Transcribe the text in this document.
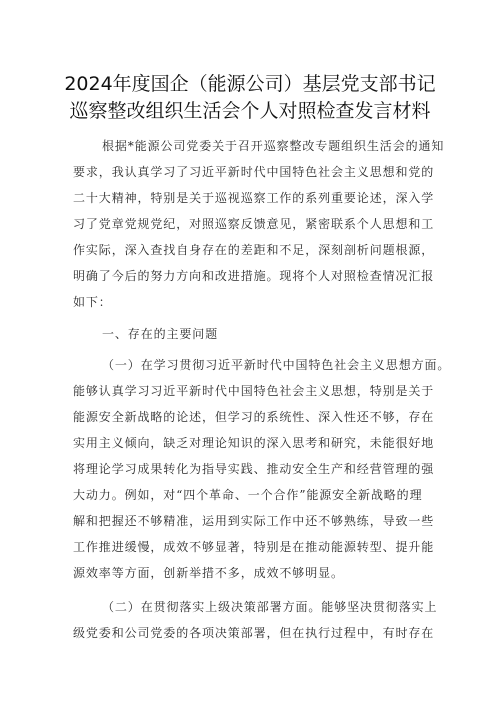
2024年度国企（能源公司）基层党支部书记
巡察整改组织生活会个人对照检查发言材料
根据*能源公司党委关于召开巡察整改专题组织生活会的通知
要求，我认真学习了习近平新时代中国特色社会主义思想和党的
二十大精神，特别是关于巡视巡察工作的系列重要论述，深入学
习了党章党规党纪，对照巡察反馈意见，紧密联系个人思想和工
作实际，深入查找自身存在的差距和不足，深刻剖析问题根源，
明确了今后的努力方向和改进措施。现将个人对照检查情况汇报
如下：
一、存在的主要问题
（一）在学习贯彻习近平新时代中国特色社会主义思想方面。
能够认真学习习近平新时代中国特色社会主义思想，特别是关于
能源安全新战略的论述，但学习的系统性、深入性还不够，存在
实用主义倾向，缺乏对理论知识的深入思考和研究，未能很好地
将理论学习成果转化为指导实践、推动安全生产和经营管理的强
大动力。例如，对“四个革命、一个合作”能源安全新战略的理
解和把握还不够精准，运用到实际工作中还不够熟练，导致一些
工作推进缓慢，成效不够显著，特别是在推动能源转型、提升能
源效率等方面，创新举措不多，成效不够明显。
（二）在贯彻落实上级决策部署方面。能够坚决贯彻落实上
级党委和公司党委的各项决策部署，但在执行过程中，有时存在
